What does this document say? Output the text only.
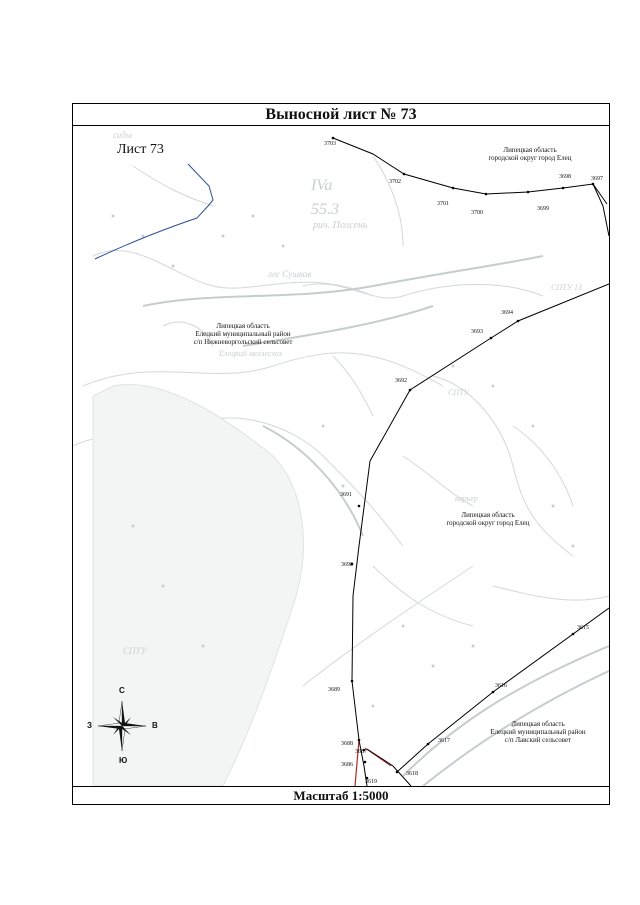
Выносной лист № 73
сады
лес Сушков
рич. Полсень
IVa
55.3
карьер
Елецкий мехлесхоз
СПТУ
СПТУ 13
СПТУ
Лист 73	Липецкая область
городской округ город Елец
Липецкая область
Елецкий муниципальный район
с/п Нижневоргольский сельсовет
Липецкая область
городской округ город Елец
Липецкая область
Елецкий муниципальный район
с/п Лавский сельсовет
3703
3702
3701
3700
3699
3698	3697
3694
3693
3692
3691
3690
3689
3688
3687
3686
3619
3618
3617
3616
3615
С
Ю
З	В
Масштаб 1:5000
